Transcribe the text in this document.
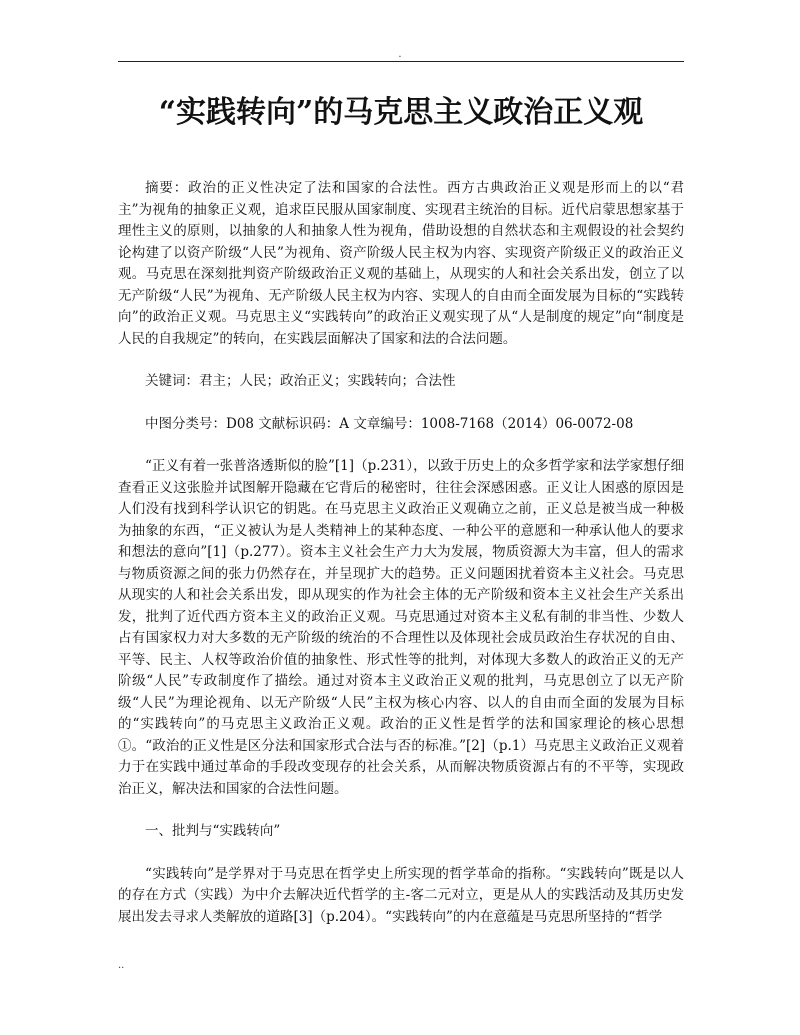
.
“实践转向”的马克思主义政治正义观

摘要：政治的正义性决定了法和国家的合法性。西方古典政治正义观是形而上的以“君主”为视角的抽象正义观，追求臣民服从国家制度、实现君主统治的目标。近代启蒙思想家基于理性主义的原则，以抽象的人和抽象人性为视角，借助设想的自然状态和主观假设的社会契约论构建了以资产阶级“人民”为视角、资产阶级人民主权为内容、实现资产阶级正义的政治正义观。马克思在深刻批判资产阶级政治正义观的基础上，从现实的人和社会关系出发，创立了以无产阶级“人民”为视角、无产阶级人民主权为内容、实现人的自由而全面发展为目标的“实践转向”的政治正义观。马克思主义“实践转向”的政治正义观实现了从“人是制度的规定”向“制度是人民的自我规定”的转向，在实践层面解决了国家和法的合法问题。

关键词：君主；人民；政治正义；实践转向；合法性

中图分类号：D08 文献标识码：A 文章编号：1008-7168（2014）06-0072-08

“正义有着一张普洛透斯似的脸”[1]（p.231），以致于历史上的众多哲学家和法学家想仔细查看正义这张脸并试图解开隐藏在它背后的秘密时，往往会深感困惑。正义让人困惑的原因是人们没有找到科学认识它的钥匙。在马克思主义政治正义观确立之前，正义总是被当成一种极为抽象的东西，“正义被认为是人类精神上的某种态度、一种公平的意愿和一种承认他人的要求和想法的意向”[1]（p.277）。资本主义社会生产力大为发展，物质资源大为丰富，但人的需求与物质资源之间的张力仍然存在，并呈现扩大的趋势。正义问题困扰着资本主义社会。马克思从现实的人和社会关系出发，即从现实的作为社会主体的无产阶级和资本主义社会生产关系出发，批判了近代西方资本主义的政治正义观。马克思通过对资本主义私有制的非当性、少数人占有国家权力对大多数的无产阶级的统治的不合理性以及体现社会成员政治生存状况的自由、平等、民主、人权等政治价值的抽象性、形式性等的批判，对体现大多数人的政治正义的无产阶级“人民”专政制度作了描绘。通过对资本主义政治正义观的批判，马克思创立了以无产阶级“人民”为理论视角、以无产阶级“人民”主权为核心内容、以人的自由而全面的发展为目标的“实践转向”的马克思主义政治正义观。政治的正义性是哲学的法和国家理论的核心思想①。“政治的正义性是区分法和国家形式合法与否的标准。”[2]（p.1）马克思主义政治正义观着力于在实践中通过革命的手段改变现存的社会关系，从而解决物质资源占有的不平等，实现政治正义，解决法和国家的合法性问题。

一、批判与“实践转向”

“实践转向”是学界对于马克思在哲学史上所实现的哲学革命的指称。“实践转向”既是以人的存在方式（实践）为中介去解决近代哲学的主-客二元对立，更是从人的实践活动及其历史发展出发去寻求人类解放的道路[3]（p.204）。“实践转向”的内在意蕴是马克思所坚持的“哲学

..
